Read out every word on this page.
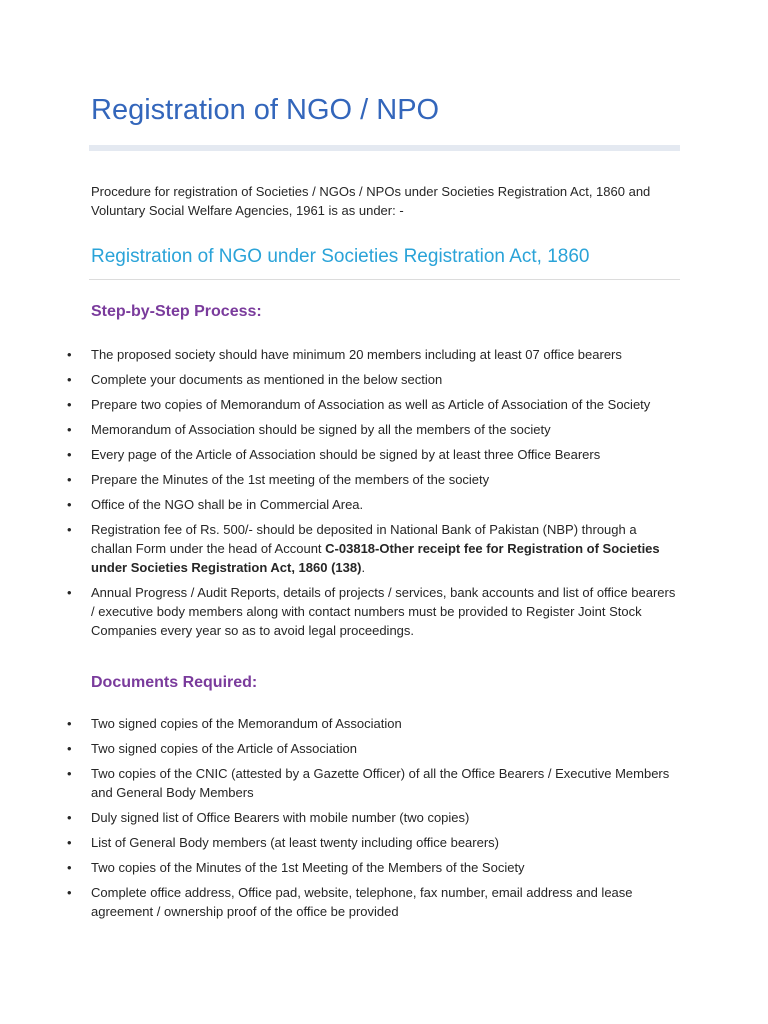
Registration of NGO / NPO

Procedure for registration of Societies / NGOs / NPOs under Societies Registration Act, 1860 and Voluntary Social Welfare Agencies, 1961 is as under: -

Registration of NGO under Societies Registration Act, 1860
Step-by-Step Process:
• The proposed society should have minimum 20 members including at least 07 office bearers
• Complete your documents as mentioned in the below section
• Prepare two copies of Memorandum of Association as well as Article of Association of the Society
• Memorandum of Association should be signed by all the members of the society
• Every page of the Article of Association should be signed by at least three Office Bearers
• Prepare the Minutes of the 1st meeting of the members of the society
• Office of the NGO shall be in Commercial Area.
• Registration fee of Rs. 500/- should be deposited in National Bank of Pakistan (NBP) through a challan Form under the head of Account C-03818-Other receipt fee for Registration of Societies under Societies Registration Act, 1860 (138).
• Annual Progress / Audit Reports, details of projects / services, bank accounts and list of office bearers / executive body members along with contact numbers must be provided to Register Joint Stock Companies every year so as to avoid legal proceedings.
Documents Required:
• Two signed copies of the Memorandum of Association
• Two signed copies of the Article of Association
• Two copies of the CNIC (attested by a Gazette Officer) of all the Office Bearers / Executive Members and General Body Members
• Duly signed list of Office Bearers with mobile number (two copies)
• List of General Body members (at least twenty including office bearers)
• Two copies of the Minutes of the 1st Meeting of the Members of the Society
• Complete office address, Office pad, website, telephone, fax number, email address and lease agreement / ownership proof of the office be provided
